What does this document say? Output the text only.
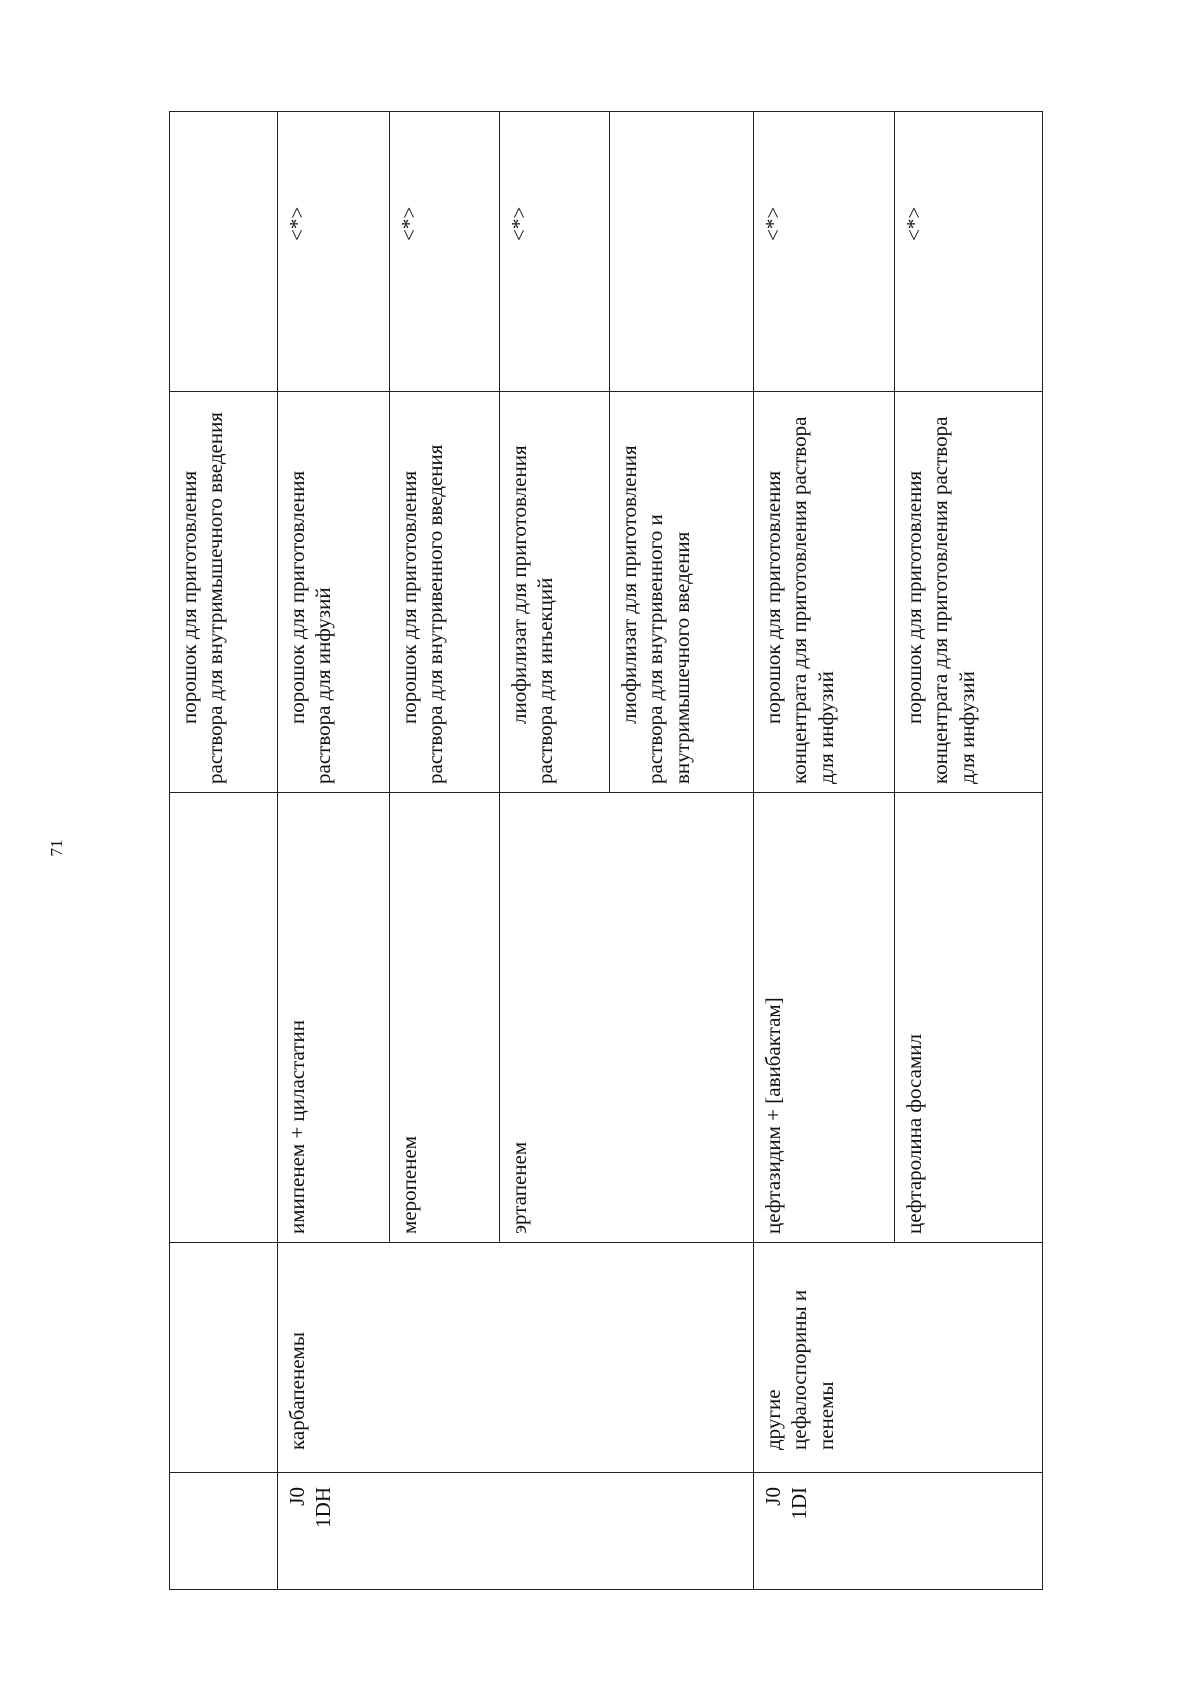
71
			порошок для приготовления раствора для внутримышечного введения	

J0 1DH	карбапенемы	имипенем + циластатин	порошок для приготовления раствора для инфузий	<*>
		меропенем	порошок для приготовления раствора для внутривенного введения	<*>
		эртапенем	лиофилизат для приготовления раствора для инъекций	<*>
			лиофилизат для приготовления раствора для внутривенного и внутримышечного введения	

J0 1DI	другие цефалоспорины и пенемы	цефтазидим + [авибактам]	порошок для приготовления концентрата для приготовления раствора для инфузий	<*>
		цефтаролина фосамил	порошок для приготовления концентрата для приготовления раствора для инфузий	<*>
